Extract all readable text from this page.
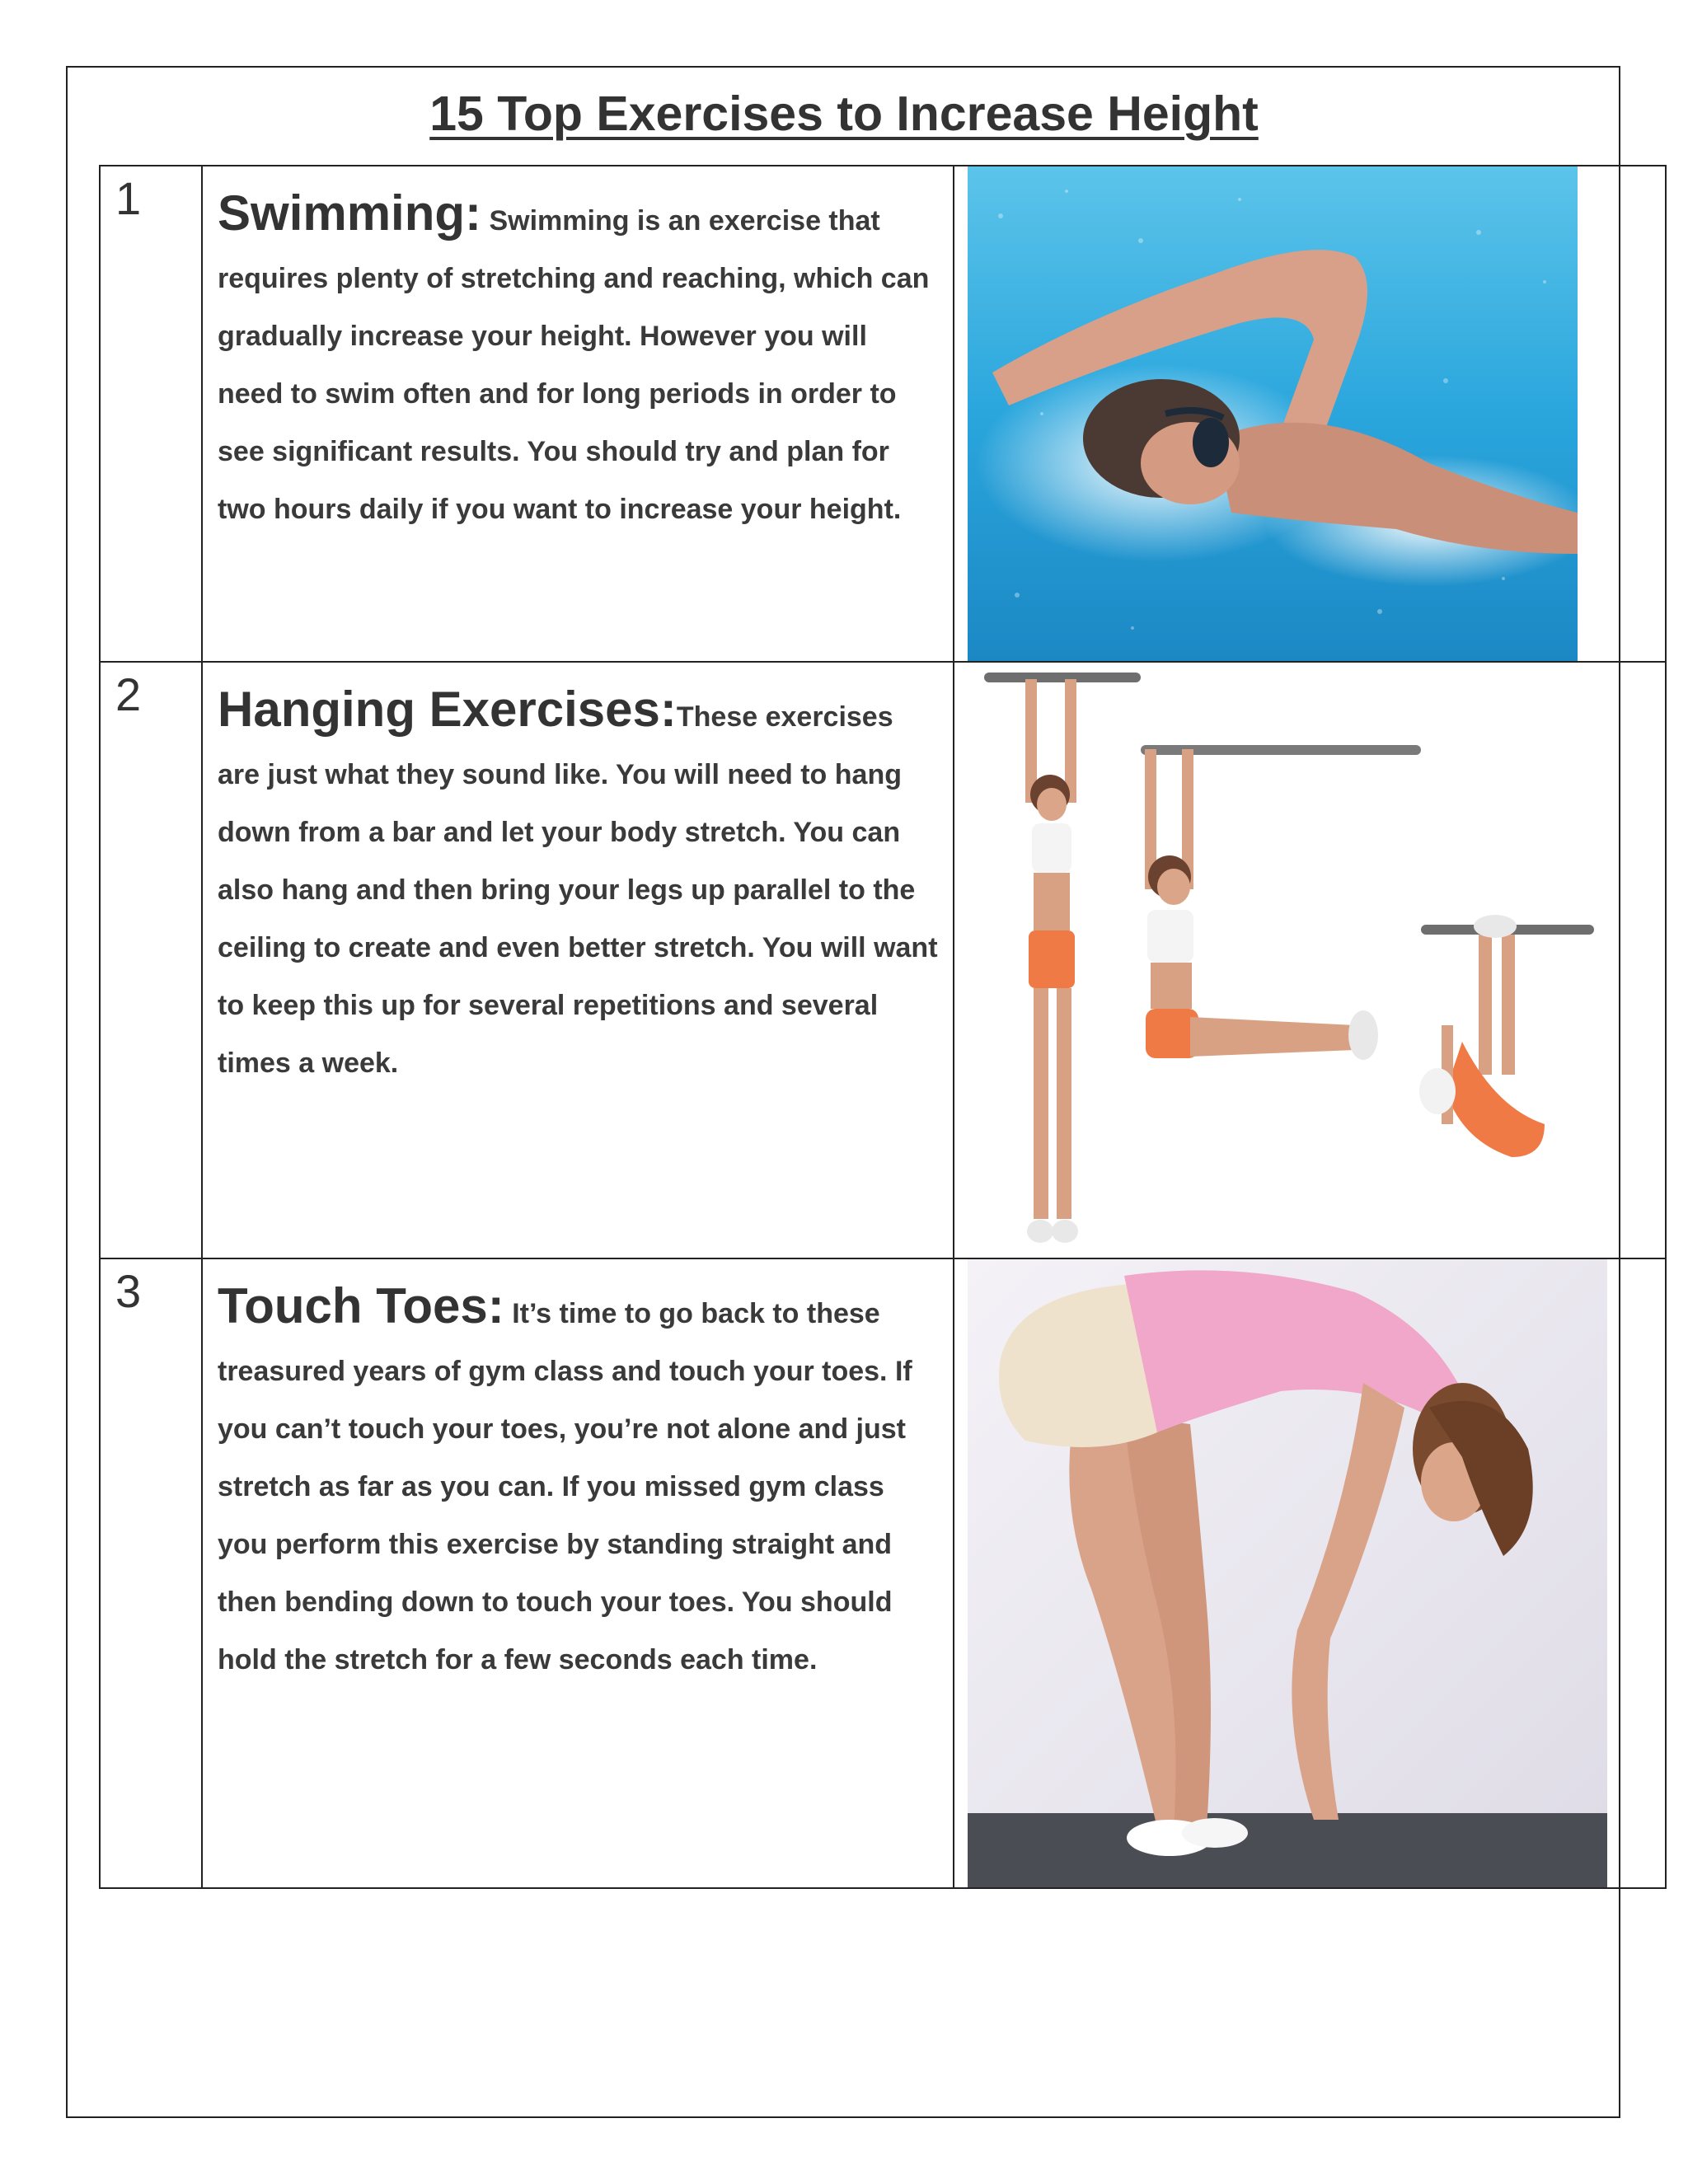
15 Top Exercises to Increase Height
1	Swimming: Swimming is an exercise that requires plenty of stretching and reaching, which can gradually increase your height. However you will need to swim often and for long periods in order to see significant results. You should try and plan for two hours daily if you want to increase your height.

2	Hanging Exercises:These exercises are just what they sound like. You will need to hang down from a bar and let your body stretch. You can also hang and then bring your legs up parallel to the ceiling to create and even better stretch. You will want to keep this up for several repetitions and several times a week.

3	Touch Toes: It’s time to go back to these treasured years of gym class and touch your toes. If you can’t touch your toes, you’re not alone and just stretch as far as you can. If you missed gym class you perform this exercise by standing straight and then bending down to touch your toes. You should hold the stretch for a few seconds each time.
